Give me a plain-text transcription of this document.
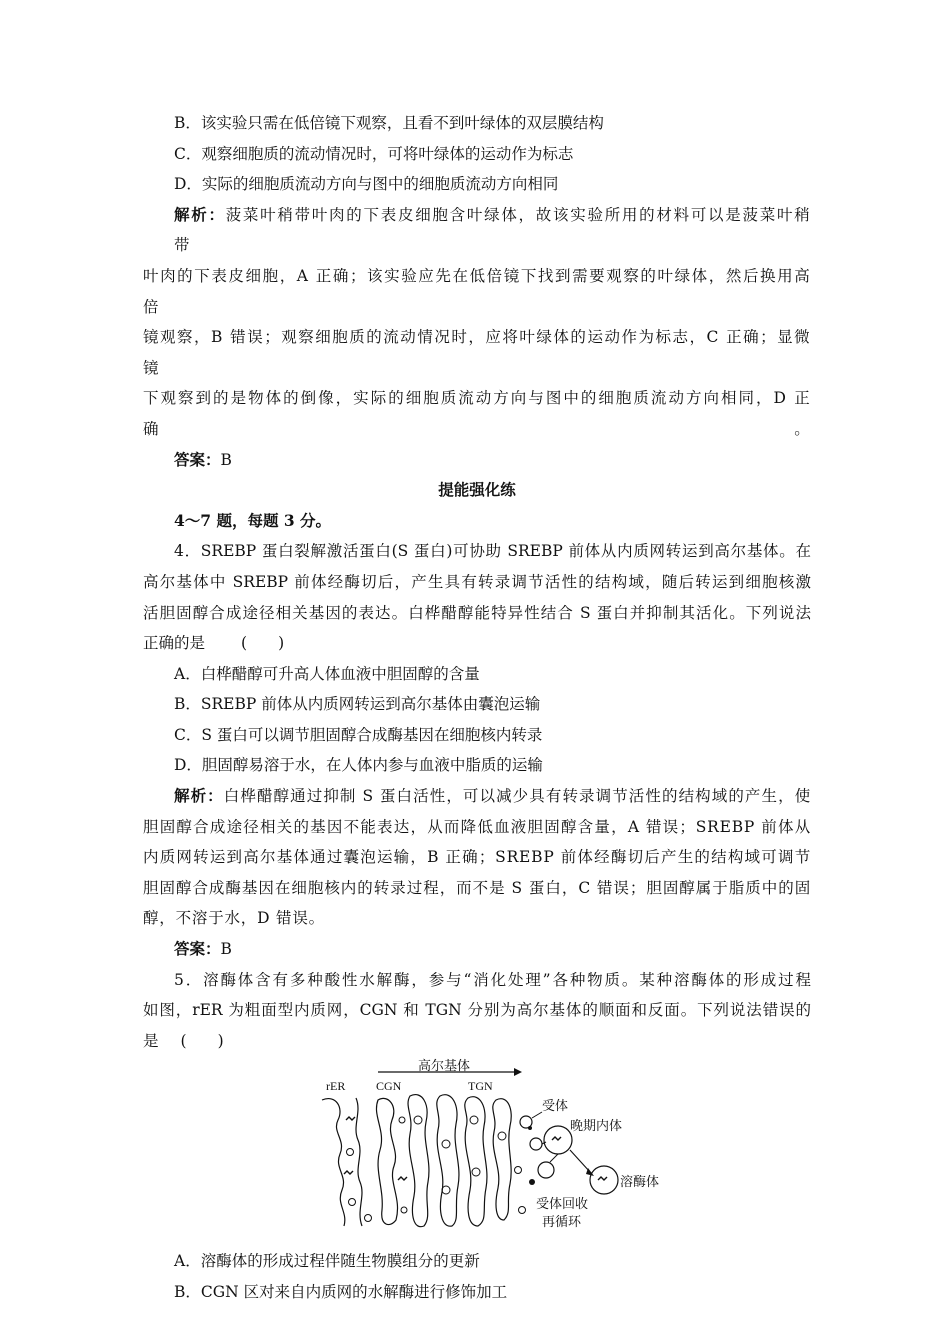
B．该实验只需在低倍镜下观察，且看不到叶绿体的双层膜结构
C．观察细胞质的流动情况时，可将叶绿体的运动作为标志
D．实际的细胞质流动方向与图中的细胞质流动方向相同
解析：菠菜叶稍带叶肉的下表皮细胞含叶绿体，故该实验所用的材料可以是菠菜叶稍带
叶肉的下表皮细胞，A 正确；该实验应先在低倍镜下找到需要观察的叶绿体，然后换用高倍
镜观察，B 错误；观察细胞质的流动情况时，应将叶绿体的运动作为标志，C 正确；显微镜
下观察到的是物体的倒像，实际的细胞质流动方向与图中的细胞质流动方向相同，D 正确。
答案：B
提能强化练
4～7 题，每题 3 分。
4．SREBP 蛋白裂解激活蛋白(S 蛋白)可协助 SREBP 前体从内质网转运到高尔基体。在
高尔基体中 SREBP 前体经酶切后，产生具有转录调节活性的结构域，随后转运到细胞核激
活胆固醇合成途径相关基因的表达。白桦醋醇能特异性结合 S 蛋白并抑制其活化。下列说法
正确的是 (　　)
A．白桦醋醇可升高人体血液中胆固醇的含量
B．SREBP 前体从内质网转运到高尔基体由囊泡运输
C．S 蛋白可以调节胆固醇合成酶基因在细胞核内转录
D．胆固醇易溶于水，在人体内参与血液中脂质的运输
解析：白桦醋醇通过抑制 S 蛋白活性，可以减少具有转录调节活性的结构域的产生，使
胆固醇合成途径相关的基因不能表达，从而降低血液胆固醇含量，A 错误；SREBP 前体从
内质网转运到高尔基体通过囊泡运输，B 正确；SREBP 前体经酶切后产生的结构域可调节
胆固醇合成酶基因在细胞核内的转录过程，而不是 S 蛋白，C 错误；胆固醇属于脂质中的固
醇，不溶于水，D 错误。
答案：B
5．溶酶体含有多种酸性水解酶，参与“消化处理”各种物质。某种溶酶体的形成过程
如图，rER 为粗面型内质网，CGN 和 TGN 分别为高尔基体的顺面和反面。下列说法错误的
是 (　　)
高尔基体
rER	CGN	TGN
受体
晚期内体
溶酶体
受体回收
再循环
A．溶酶体的形成过程伴随生物膜组分的更新
B．CGN 区对来自内质网的水解酶进行修饰加工
